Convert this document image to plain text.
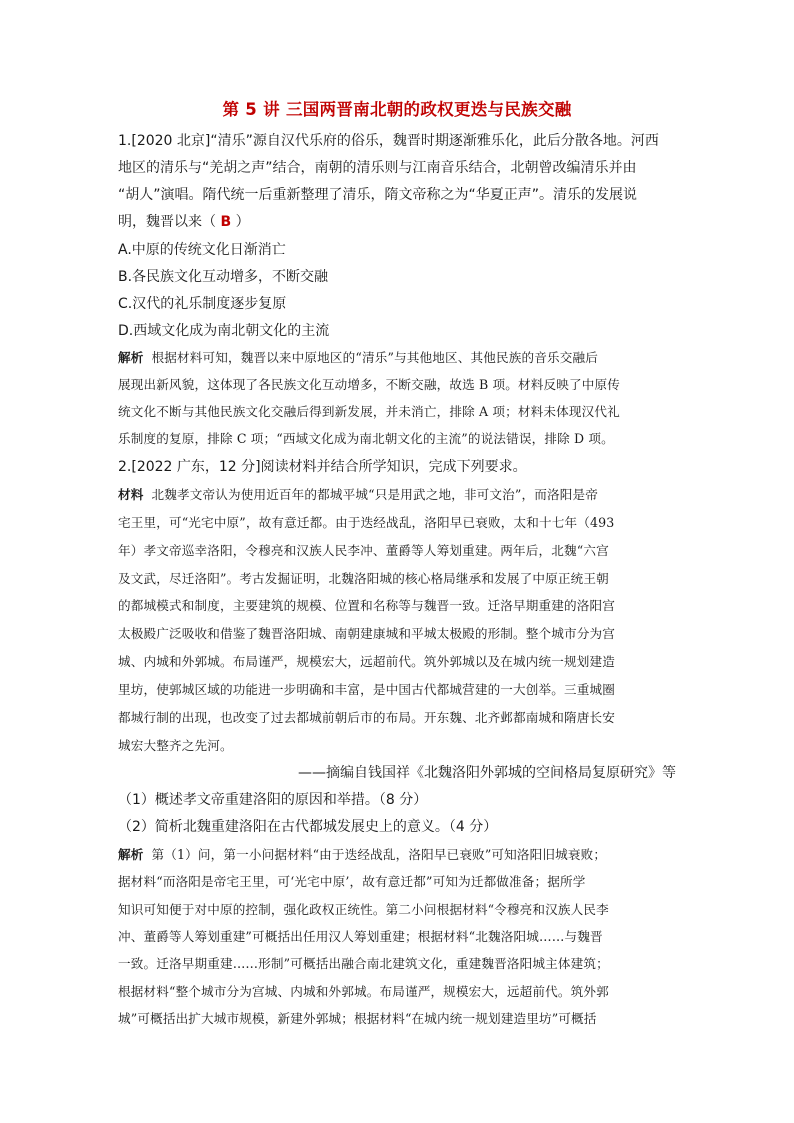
第 5 讲 三国两晋南北朝的政权更迭与民族交融
1.[2020 北京]“清乐”源自汉代乐府的俗乐，魏晋时期逐渐雅乐化，此后分散各地。河西
地区的清乐与“羌胡之声”结合，南朝的清乐则与江南音乐结合，北朝曾改编清乐并由
“胡人”演唱。隋代统一后重新整理了清乐，隋文帝称之为“华夏正声”。清乐的发展说
明，魏晋以来（ B ）
A.中原的传统文化日渐消亡
B.各民族文化互动增多，不断交融
C.汉代的礼乐制度逐步复原
D.西域文化成为南北朝文化的主流
解析 根据材料可知，魏晋以来中原地区的“清乐”与其他地区、其他民族的音乐交融后
展现出新风貌，这体现了各民族文化互动增多，不断交融，故选 B 项。材料反映了中原传
统文化不断与其他民族文化交融后得到新发展，并未消亡，排除 A 项；材料未体现汉代礼
乐制度的复原，排除 C 项；“西域文化成为南北朝文化的主流”的说法错误，排除 D 项。
2.[2022 广东，12 分]阅读材料并结合所学知识，完成下列要求。
材料 北魏孝文帝认为使用近百年的都城平城“只是用武之地，非可文治”，而洛阳是帝
宅王里，可“光宅中原”，故有意迁都。由于迭经战乱，洛阳早已衰败，太和十七年（493
年）孝文帝巡幸洛阳，令穆亮和汉族人民李冲、董爵等人筹划重建。两年后，北魏“六宫
及文武，尽迁洛阳”。考古发掘证明，北魏洛阳城的核心格局继承和发展了中原正统王朝
的都城模式和制度，主要建筑的规模、位置和名称等与魏晋一致。迁洛早期重建的洛阳宫
太极殿广泛吸收和借鉴了魏晋洛阳城、南朝建康城和平城太极殿的形制。整个城市分为宫
城、内城和外郭城。布局谨严，规模宏大，远超前代。筑外郭城以及在城内统一规划建造
里坊，使郭城区域的功能进一步明确和丰富，是中国古代都城营建的一大创举。三重城圈
都城行制的出现，也改变了过去都城前朝后市的布局。开东魏、北齐邺都南城和隋唐长安
城宏大整齐之先河。
——摘编自钱国祥《北魏洛阳外郭城的空间格局复原研究》等
（1）概述孝文帝重建洛阳的原因和举措。（8 分）
（2）简析北魏重建洛阳在古代都城发展史上的意义。（4 分）
解析 第（1）问，第一小问据材料“由于迭经战乱，洛阳早已衰败”可知洛阳旧城衰败；
据材料“而洛阳是帝宅王里，可‘光宅中原’，故有意迁都”可知为迁都做准备；据所学
知识可知便于对中原的控制，强化政权正统性。第二小问根据材料“令穆亮和汉族人民李
冲、董爵等人筹划重建”可概括出任用汉人筹划重建；根据材料“北魏洛阳城……与魏晋
一致。迁洛早期重建……形制”可概括出融合南北建筑文化，重建魏晋洛阳城主体建筑；
根据材料“整个城市分为宫城、内城和外郭城。布局谨严，规模宏大，远超前代。筑外郭
城”可概括出扩大城市规模，新建外郭城；根据材料“在城内统一规划建造里坊”可概括
